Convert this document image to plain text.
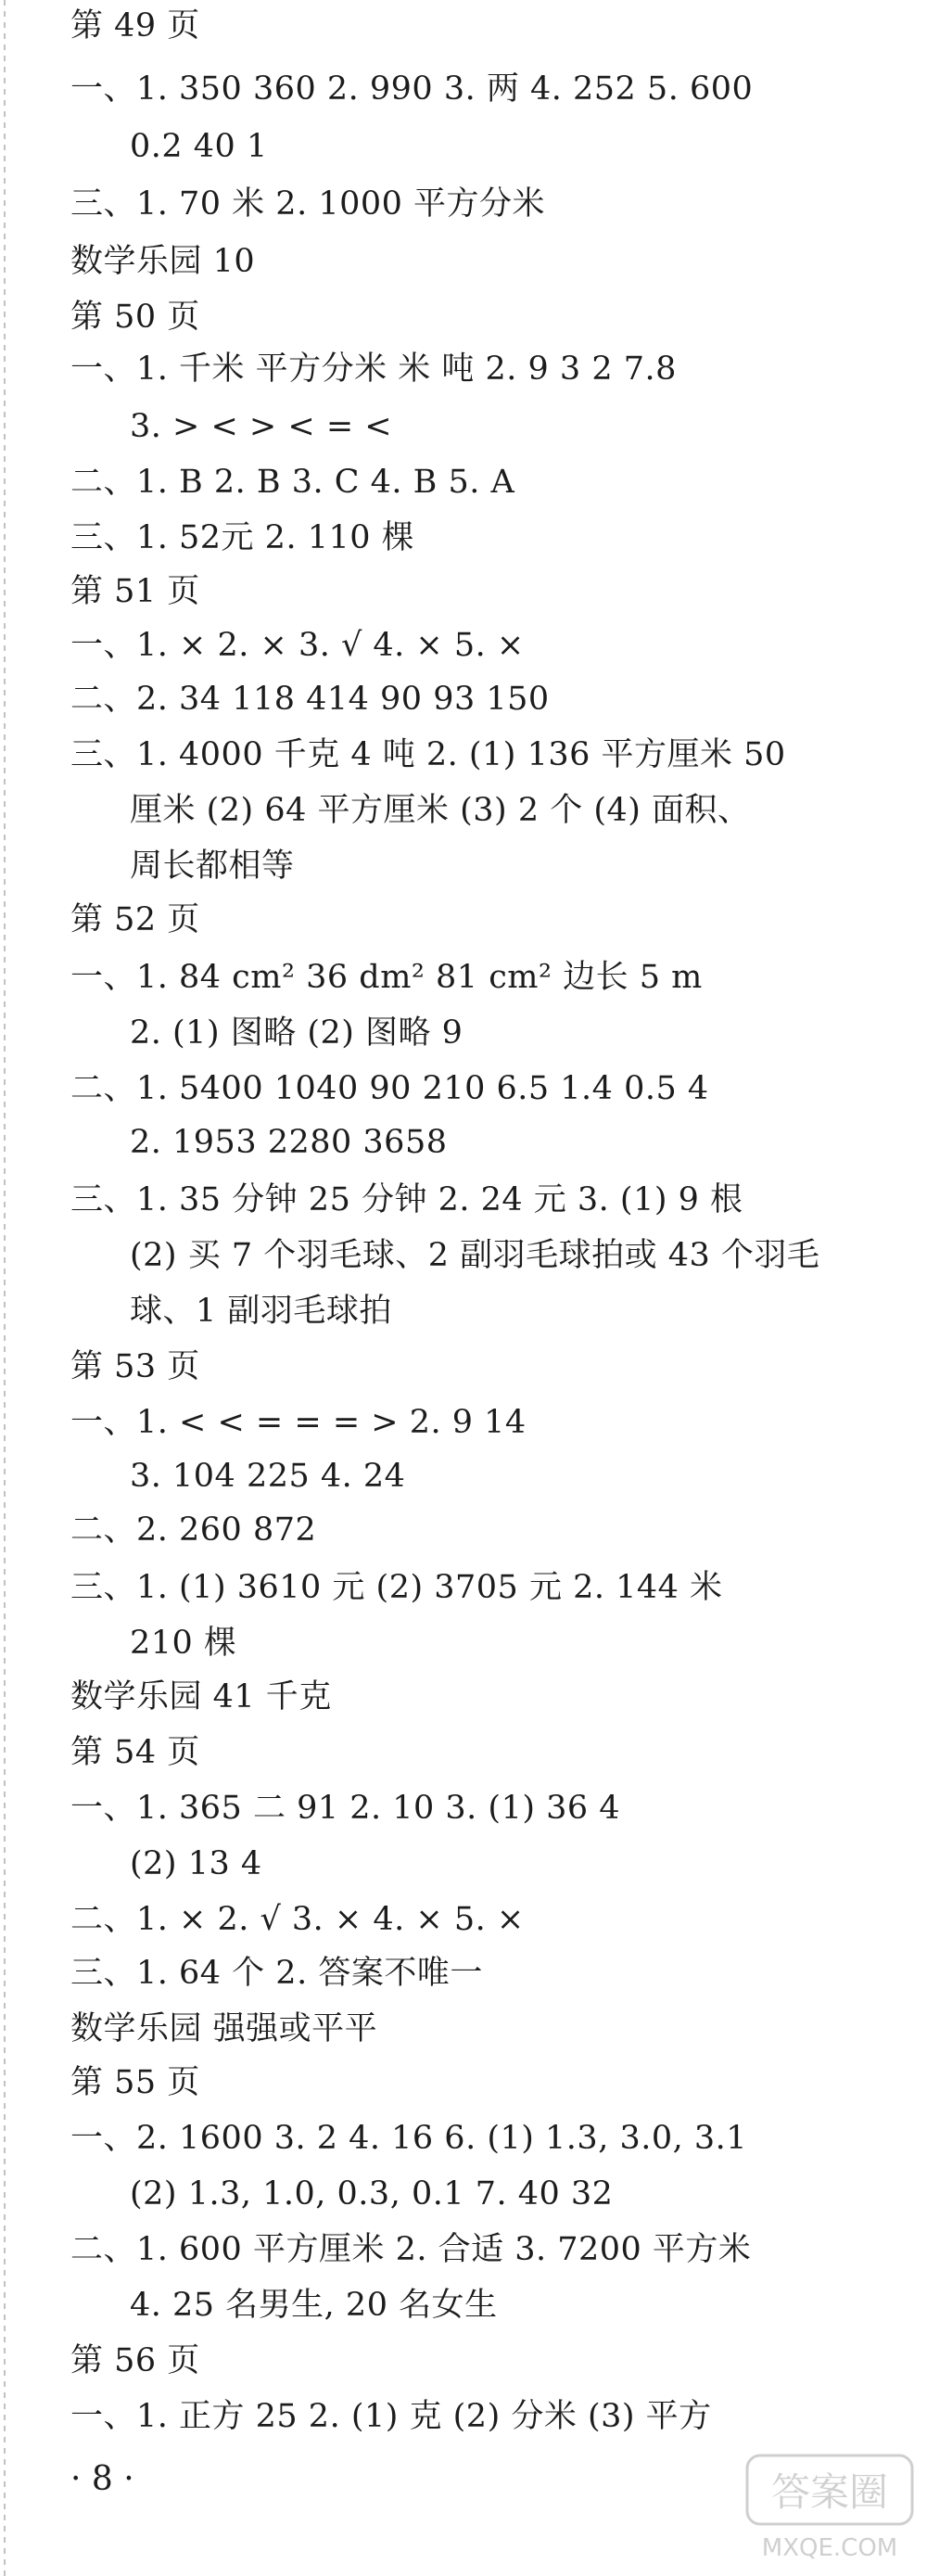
第 49 页
一、1. 350 360 2. 990 3. 两 4. 252 5. 600
0.2 40 1
三、1. 70 米 2. 1000 平方分米
数学乐园 10
第 50 页
一、1. 千米 平方分米 米 吨 2. 9 3 2 7.8
3. > < > < = <
二、1. B 2. B 3. C 4. B 5. A
三、1. 52元 2. 110 棵
第 51 页
一、1. × 2. × 3. √ 4. × 5. ×
二、2. 34 118 414 90 93 150
三、1. 4000 千克 4 吨 2. (1) 136 平方厘米 50
厘米 (2) 64 平方厘米 (3) 2 个 (4) 面积、
周长都相等
第 52 页
一、1. 84 cm² 36 dm² 81 cm² 边长 5 m
2. (1) 图略 (2) 图略 9
二、1. 5400 1040 90 210 6.5 1.4 0.5 4
2. 1953 2280 3658
三、1. 35 分钟 25 分钟 2. 24 元 3. (1) 9 根
(2) 买 7 个羽毛球、2 副羽毛球拍或 43 个羽毛
球、1 副羽毛球拍
第 53 页
一、1. < < = = = > 2. 9 14
3. 104 225 4. 24
二、2. 260 872
三、1. (1) 3610 元 (2) 3705 元 2. 144 米
210 棵
数学乐园 41 千克
第 54 页
一、1. 365 二 91 2. 10 3. (1) 36 4
(2) 13 4
二、1. × 2. √ 3. × 4. × 5. ×
三、1. 64 个 2. 答案不唯一
数学乐园 强强或平平
第 55 页
一、2. 1600 3. 2 4. 16 6. (1) 1.3, 3.0, 3.1
(2) 1.3, 1.0, 0.3, 0.1 7. 40 32
二、1. 600 平方厘米 2. 合适 3. 7200 平方米
4. 25 名男生, 20 名女生
第 56 页
一、1. 正方 25 2. (1) 克 (2) 分米 (3) 平方
· 8 ·	答案圈
MXQE.COM
